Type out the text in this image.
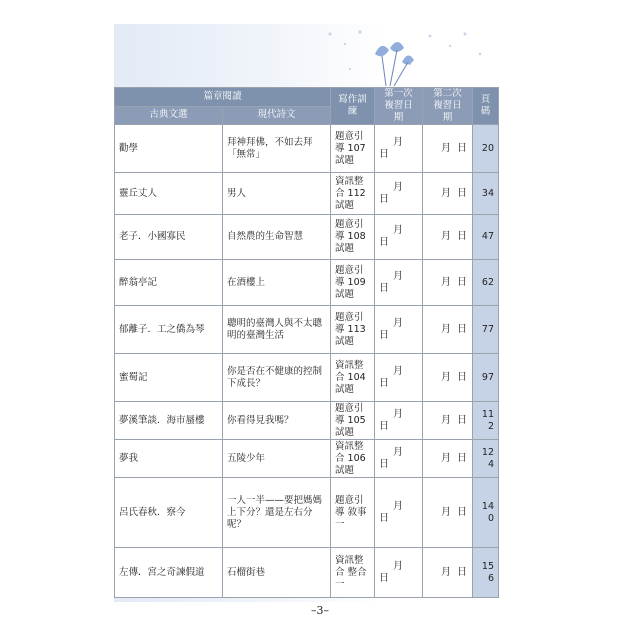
篇章閱讀		寫作訓練	第一次複習日期	第二次複習日期	頁碼
古典文選	現代詩文				
勸學	拜神拜佛，不如去拜「無常」	題意引導 107 試題	月日	月 日	20
靈丘丈人	男人	資訊整合 112 試題	月日	月 日	34
老子．小國寡民	自然農的生命智慧	題意引導 108 試題	月日	月 日	47
醉翁亭記	在酒樓上	題意引導 109 試題	月日	月 日	62
郁離子．工之僑為琴	聰明的臺灣人與不太聰明的臺灣生活	題意引導 113 試題	月日	月 日	77
蜜蜀記	你是否在不健康的控制下成長？	資訊整合 104 試題	月日	月 日	97
夢溪筆談．海市蜃樓	你看得見我嗎？	題意引導 105 試題	月日	月 日	112
夢我	五陵少年	資訊整合 106 試題	月日	月 日	124
呂氏春秋．察今	一人一半——要把媽媽上下分？還是左右分呢？	題意引導 敘事一	月日	月 日	140
左傳．宮之奇諫假道	石榴街巷	資訊整合 整合一	月日	月 日	156
–3–
